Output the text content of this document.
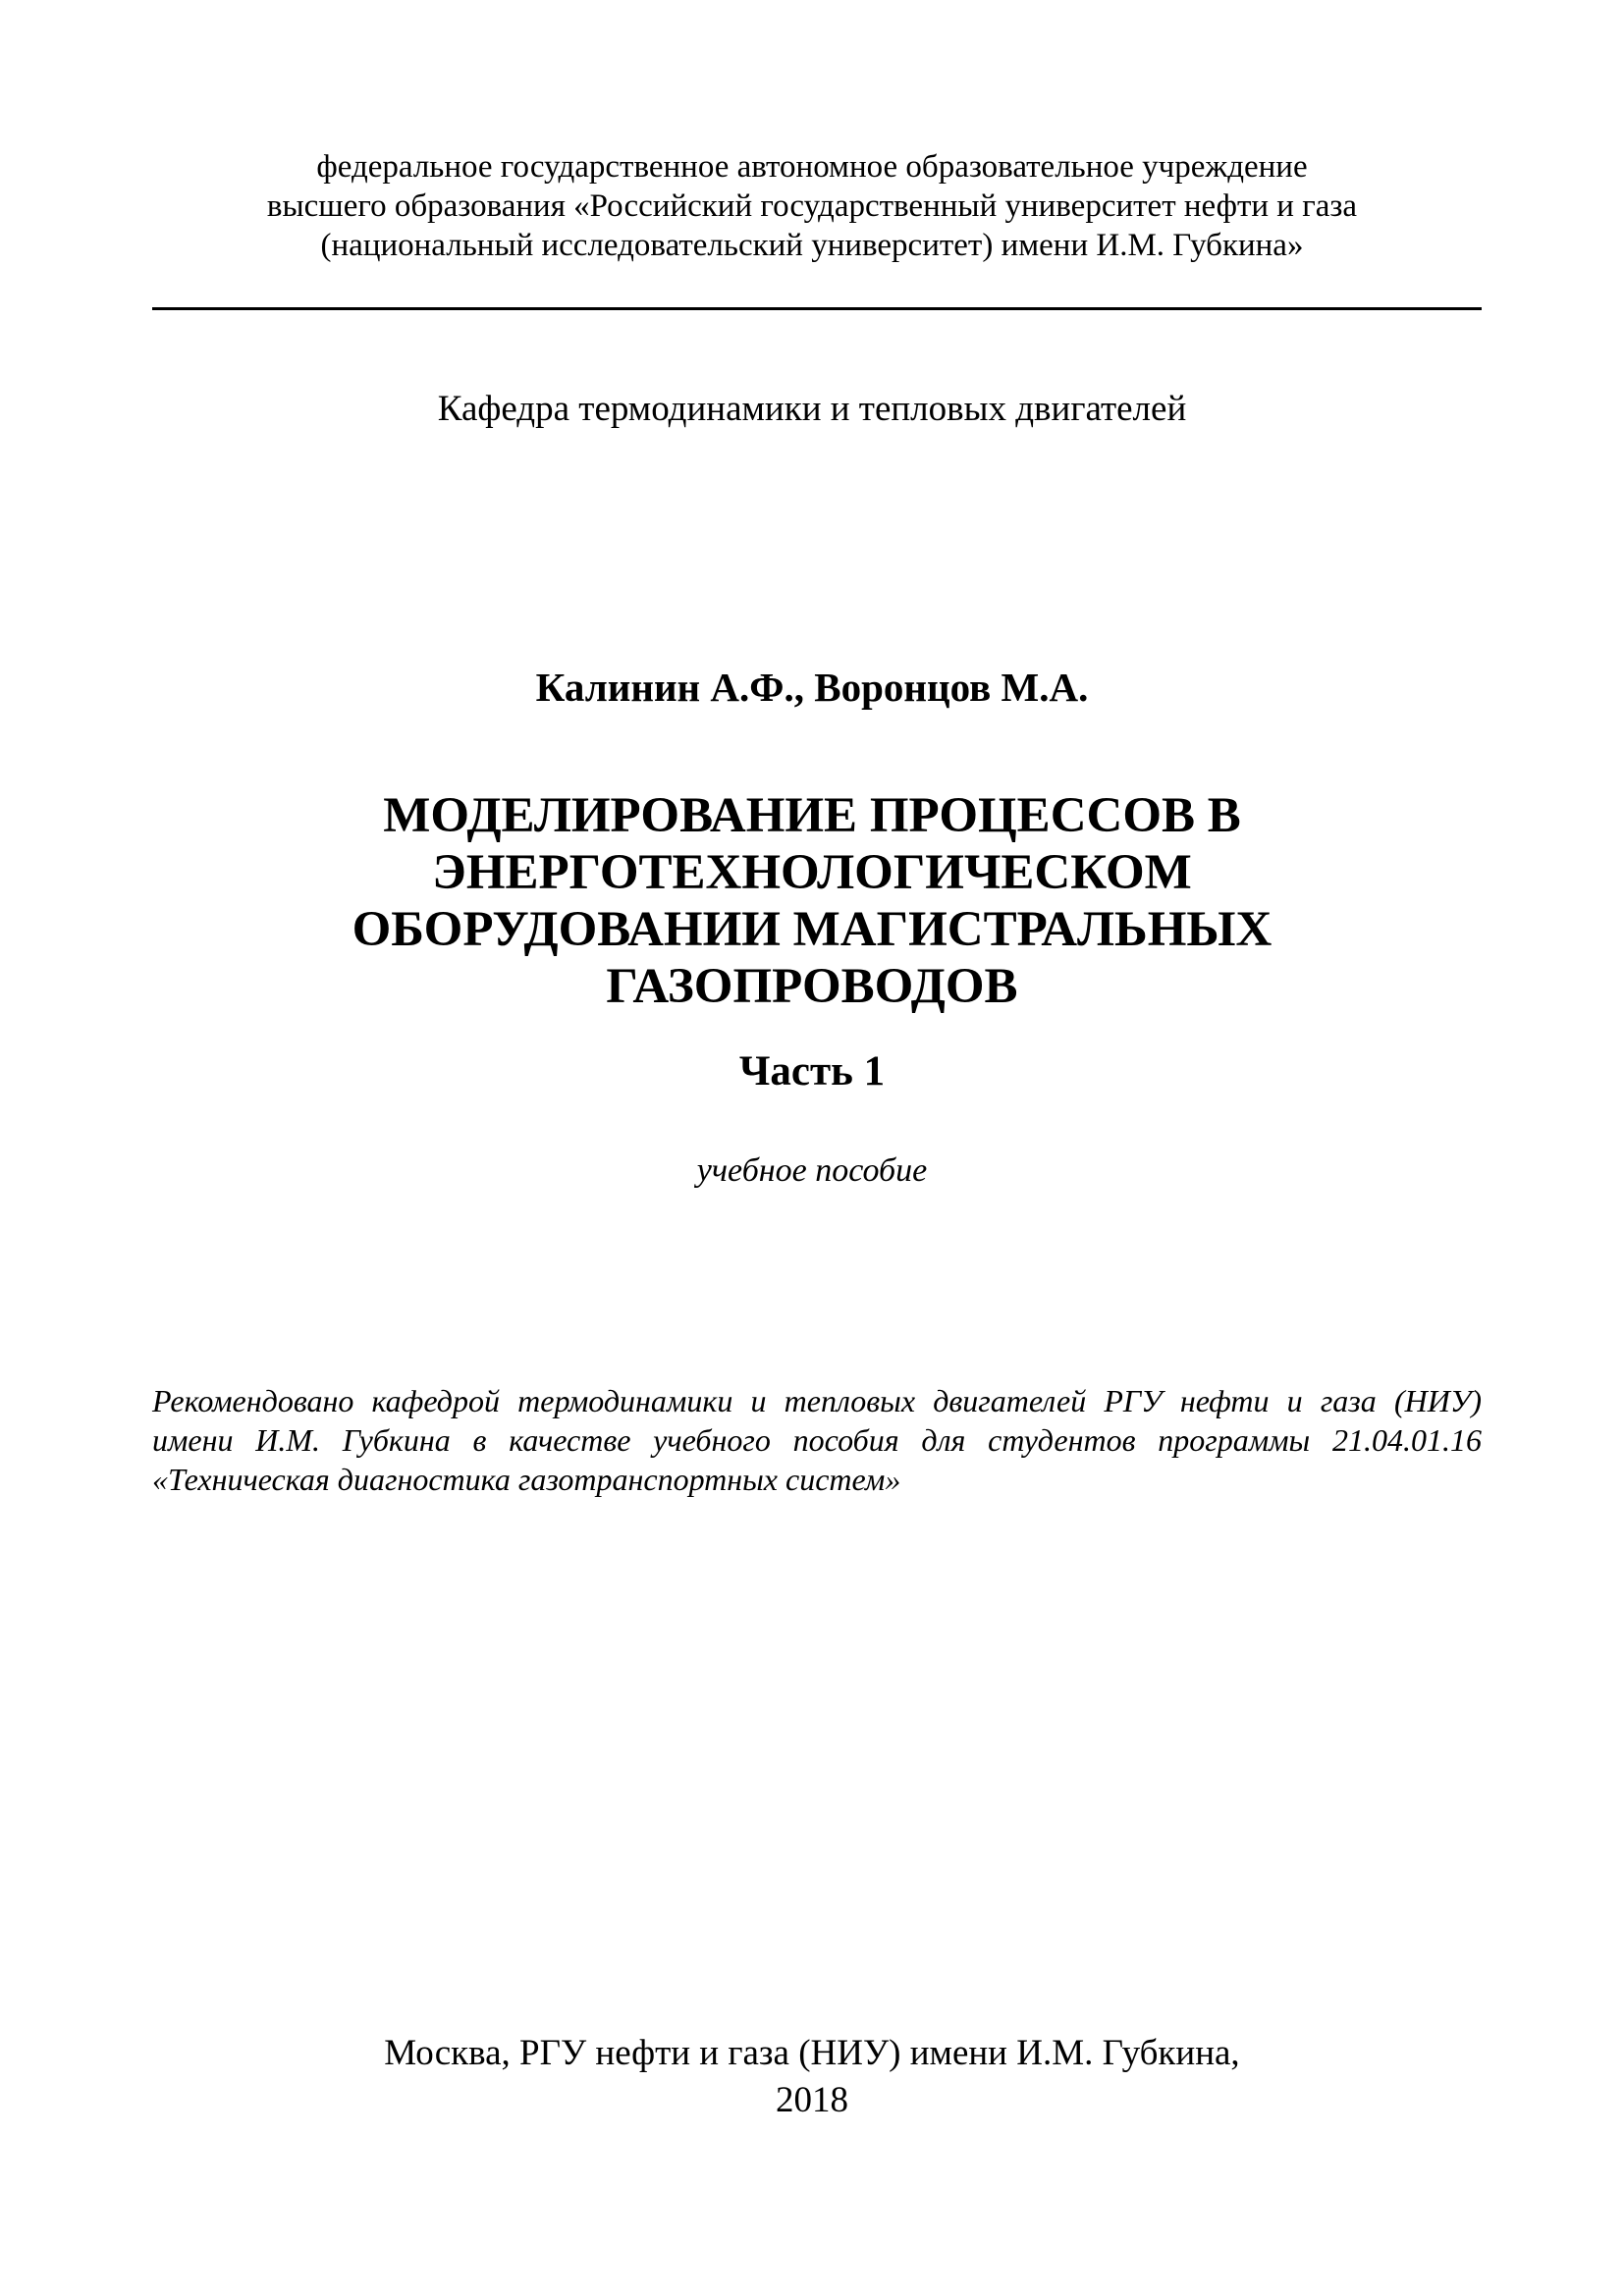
федеральное государственное автономное образовательное учреждение
высшего образования «Российский государственный университет нефти и газа
(национальный исследовательский университет) имени И.М. Губкина»
Кафедра термодинамики и тепловых двигателей
Калинин А.Ф., Воронцов М.А.
МОДЕЛИРОВАНИЕ ПРОЦЕССОВ В
ЭНЕРГОТЕХНОЛОГИЧЕСКОМ
ОБОРУДОВАНИИ МАГИСТРАЛЬНЫХ
ГАЗОПРОВОДОВ
Часть 1
учебное пособие
Рекомендовано кафедрой термодинамики и тепловых двигателей РГУ нефти и газа (НИУ)
имени И.М. Губкина в качестве учебного пособия для студентов программы 21.04.01.16
«Техническая диагностика газотранспортных систем»
Москва, РГУ нефти и газа (НИУ) имени И.М. Губкина,
2018
